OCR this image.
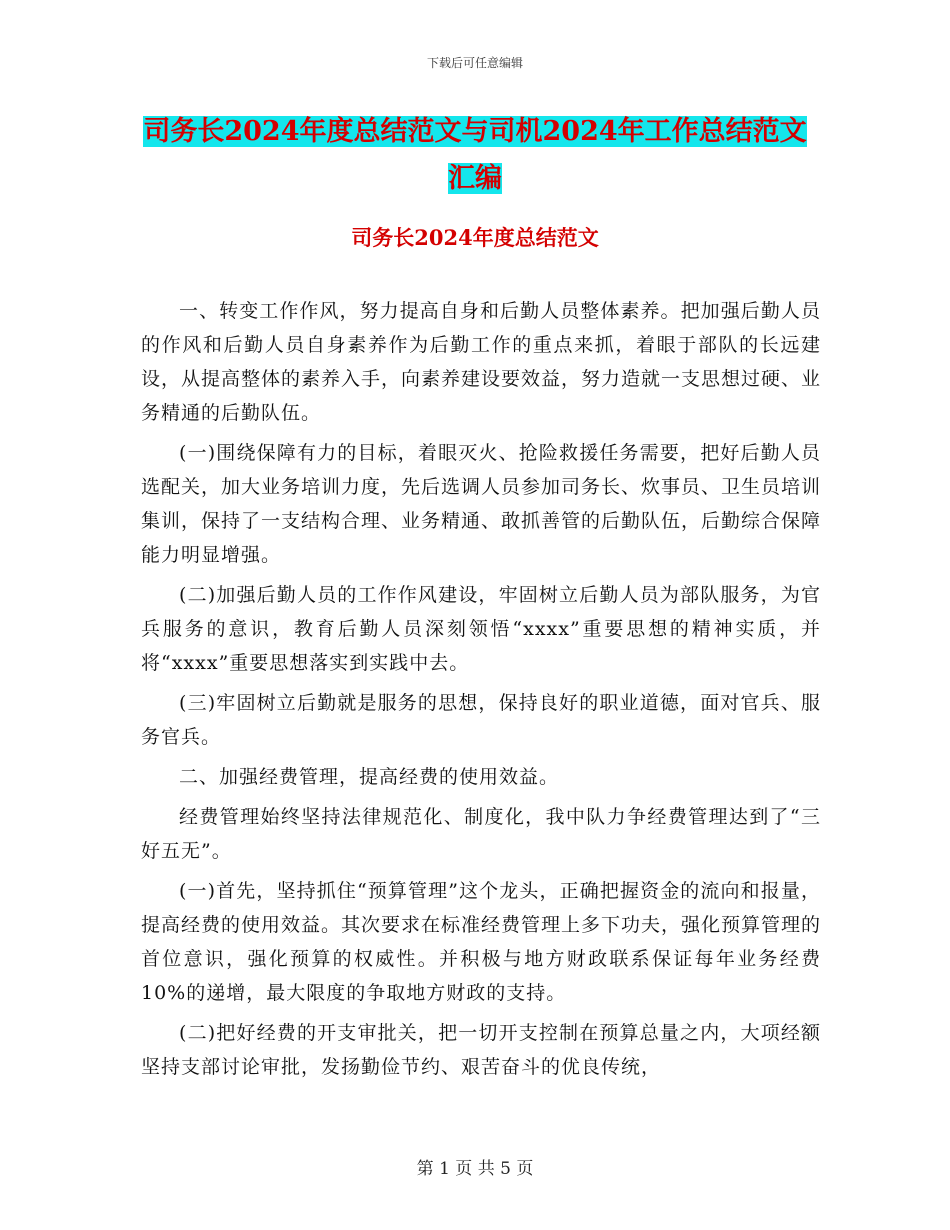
下载后可任意编辑
司务长2024年度总结范文与司机2024年工作总结范文汇编
司务长2024年度总结范文

一、转变工作作风，努力提高自身和后勤人员整体素养。把加强后勤人员的作风和后勤人员自身素养作为后勤工作的重点来抓，着眼于部队的长远建设，从提高整体的素养入手，向素养建设要效益，努力造就一支思想过硬、业务精通的后勤队伍。

(一)围绕保障有力的目标，着眼灭火、抢险救援任务需要，把好后勤人员选配关，加大业务培训力度，先后选调人员参加司务长、炊事员、卫生员培训集训，保持了一支结构合理、业务精通、敢抓善管的后勤队伍，后勤综合保障能力明显增强。

(二)加强后勤人员的工作作风建设，牢固树立后勤人员为部队服务，为官兵服务的意识，教育后勤人员深刻领悟“xxxx”重要思想的精神实质，并将“xxxx”重要思想落实到实践中去。

(三)牢固树立后勤就是服务的思想，保持良好的职业道德，面对官兵、服务官兵。

二、加强经费管理，提高经费的使用效益。

经费管理始终坚持法律规范化、制度化，我中队力争经费管理达到了“三好五无”。

(一)首先，坚持抓住“预算管理”这个龙头，正确把握资金的流向和报量，提高经费的使用效益。其次要求在标准经费管理上多下功夫，强化预算管理的首位意识，强化预算的权威性。并积极与地方财政联系保证每年业务经费10%的递增，最大限度的争取地方财政的支持。

(二)把好经费的开支审批关，把一切开支控制在预算总量之内，大项经额坚持支部讨论审批，发扬勤俭节约、艰苦奋斗的优良传统，

第 1 页 共 5 页
